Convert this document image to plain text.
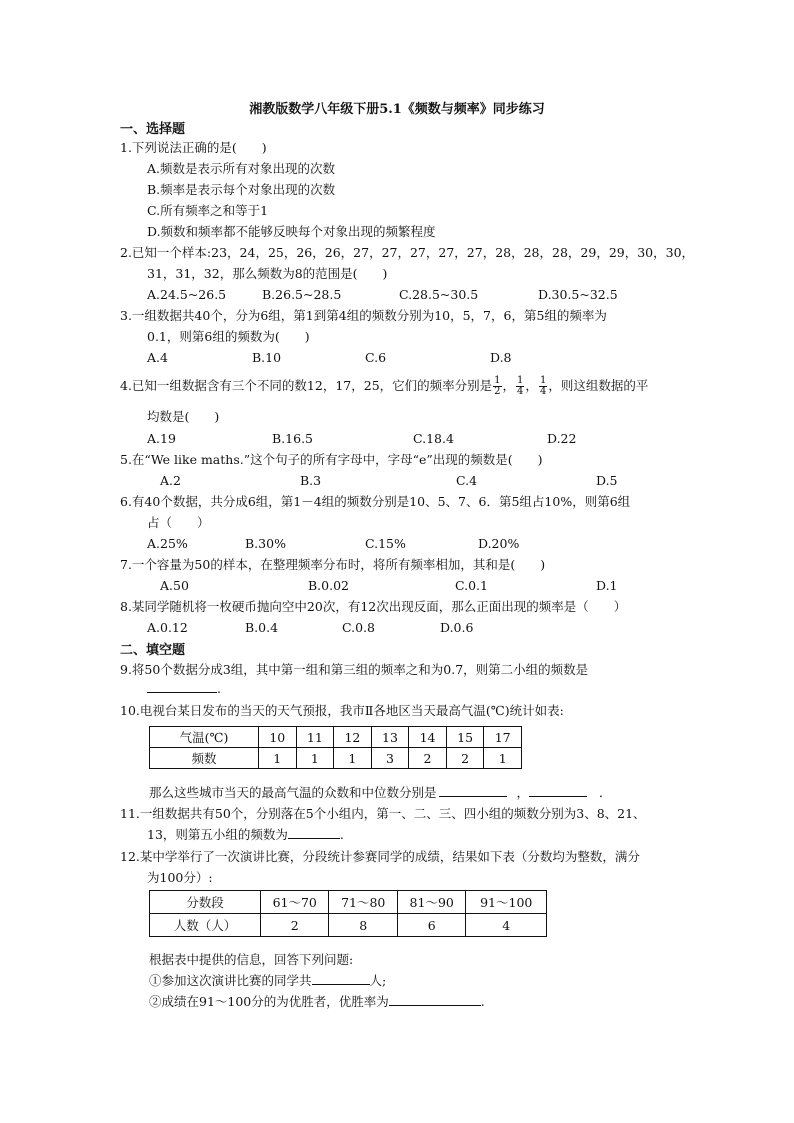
湘教版数学八年级下册5.1《频数与频率》同步练习
一、选择题
1.下列说法正确的是(　　)
A.频数是表示所有对象出现的次数
B.频率是表示每个对象出现的次数
C.所有频率之和等于1
D.频数和频率都不能够反映每个对象出现的频繁程度
2.已知一个样本:23，24，25，26，26，27，27，27，27，27，28，28，28，29，29，30，30，
31，31，32，那么频数为8的范围是(　　)
A.24.5~26.5	B.26.5~28.5	C.28.5~30.5	D.30.5~32.5
3.一组数据共40个，分为6组，第1到第4组的频数分别为10，5，7，6，第5组的频率为
0.1，则第6组的频数为(　　)
A.4	B.10	C.6	D.8
4.已知一组数据含有三个不同的数12，17，25，它们的频率分别是 $\frac{1}{2}$ ， $\frac{1}{4}$ ， $\frac{1}{4}$ ，则这组数据的平
均数是(　　)
A.19	B.16.5	C.18.4	D.22
5.在“We like maths.”这个句子的所有字母中，字母“e”出现的频数是(　　)
A.2	B.3	C.4	D.5
6.有40个数据，共分成6组，第1－4组的频数分别是10、5、7、6．第5组占10%，则第6组
占（　　）
A.25%	B.30%	C.15%	D.20%
7.一个容量为50的样本，在整理频率分布时，将所有频率相加，其和是(　　)
A.50	B.0.02	C.0.1	D.1
8.某同学随机将一枚硬币抛向空中20次，有12次出现反面，那么正面出现的频率是（　　）
A.0.12	B.0.4	C.0.8	D.0.6
二、填空题
9.将50个数据分成3组，其中第一组和第三组的频率之和为0.7，则第二小组的频数是
.
10.电视台某日发布的当天的天气预报，我市Ⅱ各地区当天最高气温(℃)统计如表:
气温(℃)	10	11	12	13	14	15	17
频数	1	1	1	3	2	2	1
那么这些城市当天的最高气温的众数和中位数分别是	，	．
11.一组数据共有50个，分别落在5个小组内，第一、二、三、四小组的频数分别为3、8、21、
13，则第五小组的频数为	.
12.某中学举行了一次演讲比赛，分段统计参赛同学的成绩，结果如下表（分数均为整数，满分
为100分）:
分数段	61～70	71～80	81～90	91～100
人数（人）	2	8	6	4
根据表中提供的信息，回答下列问题:
①参加这次演讲比赛的同学共	人;
②成绩在91～100分的为优胜者，优胜率为	.
